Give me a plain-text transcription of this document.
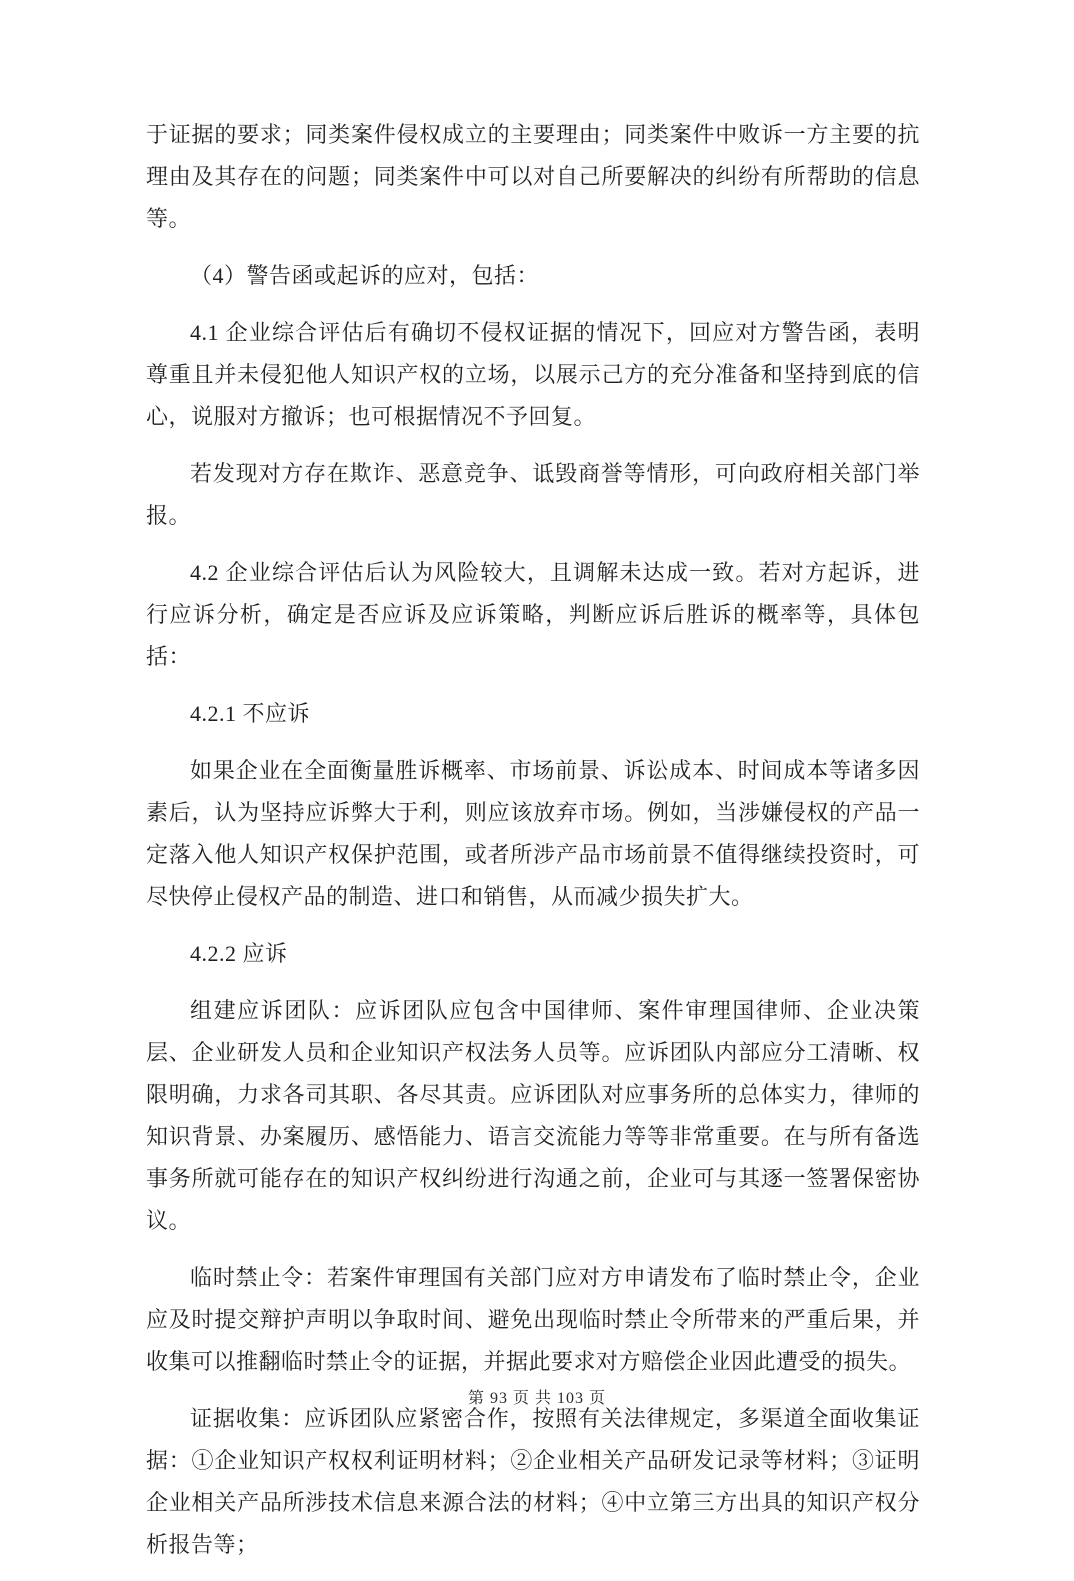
于证据的要求；同类案件侵权成立的主要理由；同类案件中败诉一方主要的抗理由及其存在的问题；同类案件中可以对自己所要解决的纠纷有所帮助的信息等。

（4）警告函或起诉的应对，包括：

4.1 企业综合评估后有确切不侵权证据的情况下，回应对方警告函，表明尊重且并未侵犯他人知识产权的立场，以展示己方的充分准备和坚持到底的信心，说服对方撤诉；也可根据情况不予回复。

若发现对方存在欺诈、恶意竞争、诋毁商誉等情形，可向政府相关部门举报。

4.2 企业综合评估后认为风险较大，且调解未达成一致。若对方起诉，进行应诉分析，确定是否应诉及应诉策略，判断应诉后胜诉的概率等，具体包括：

4.2.1 不应诉

如果企业在全面衡量胜诉概率、市场前景、诉讼成本、时间成本等诸多因素后，认为坚持应诉弊大于利，则应该放弃市场。例如，当涉嫌侵权的产品一定落入他人知识产权保护范围，或者所涉产品市场前景不值得继续投资时，可尽快停止侵权产品的制造、进口和销售，从而减少损失扩大。

4.2.2 应诉

组建应诉团队：应诉团队应包含中国律师、案件审理国律师、企业决策层、企业研发人员和企业知识产权法务人员等。应诉团队内部应分工清晰、权限明确，力求各司其职、各尽其责。应诉团队对应事务所的总体实力，律师的知识背景、办案履历、感悟能力、语言交流能力等等非常重要。在与所有备选事务所就可能存在的知识产权纠纷进行沟通之前，企业可与其逐一签署保密协议。

临时禁止令：若案件审理国有关部门应对方申请发布了临时禁止令，企业应及时提交辩护声明以争取时间、避免出现临时禁止令所带来的严重后果，并收集可以推翻临时禁止令的证据，并据此要求对方赔偿企业因此遭受的损失。

证据收集：应诉团队应紧密合作，按照有关法律规定，多渠道全面收集证据：①企业知识产权权利证明材料；②企业相关产品研发记录等材料；③证明企业相关产品所涉技术信息来源合法的材料；④中立第三方出具的知识产权分析报告等；

第 93 页 共 103 页
